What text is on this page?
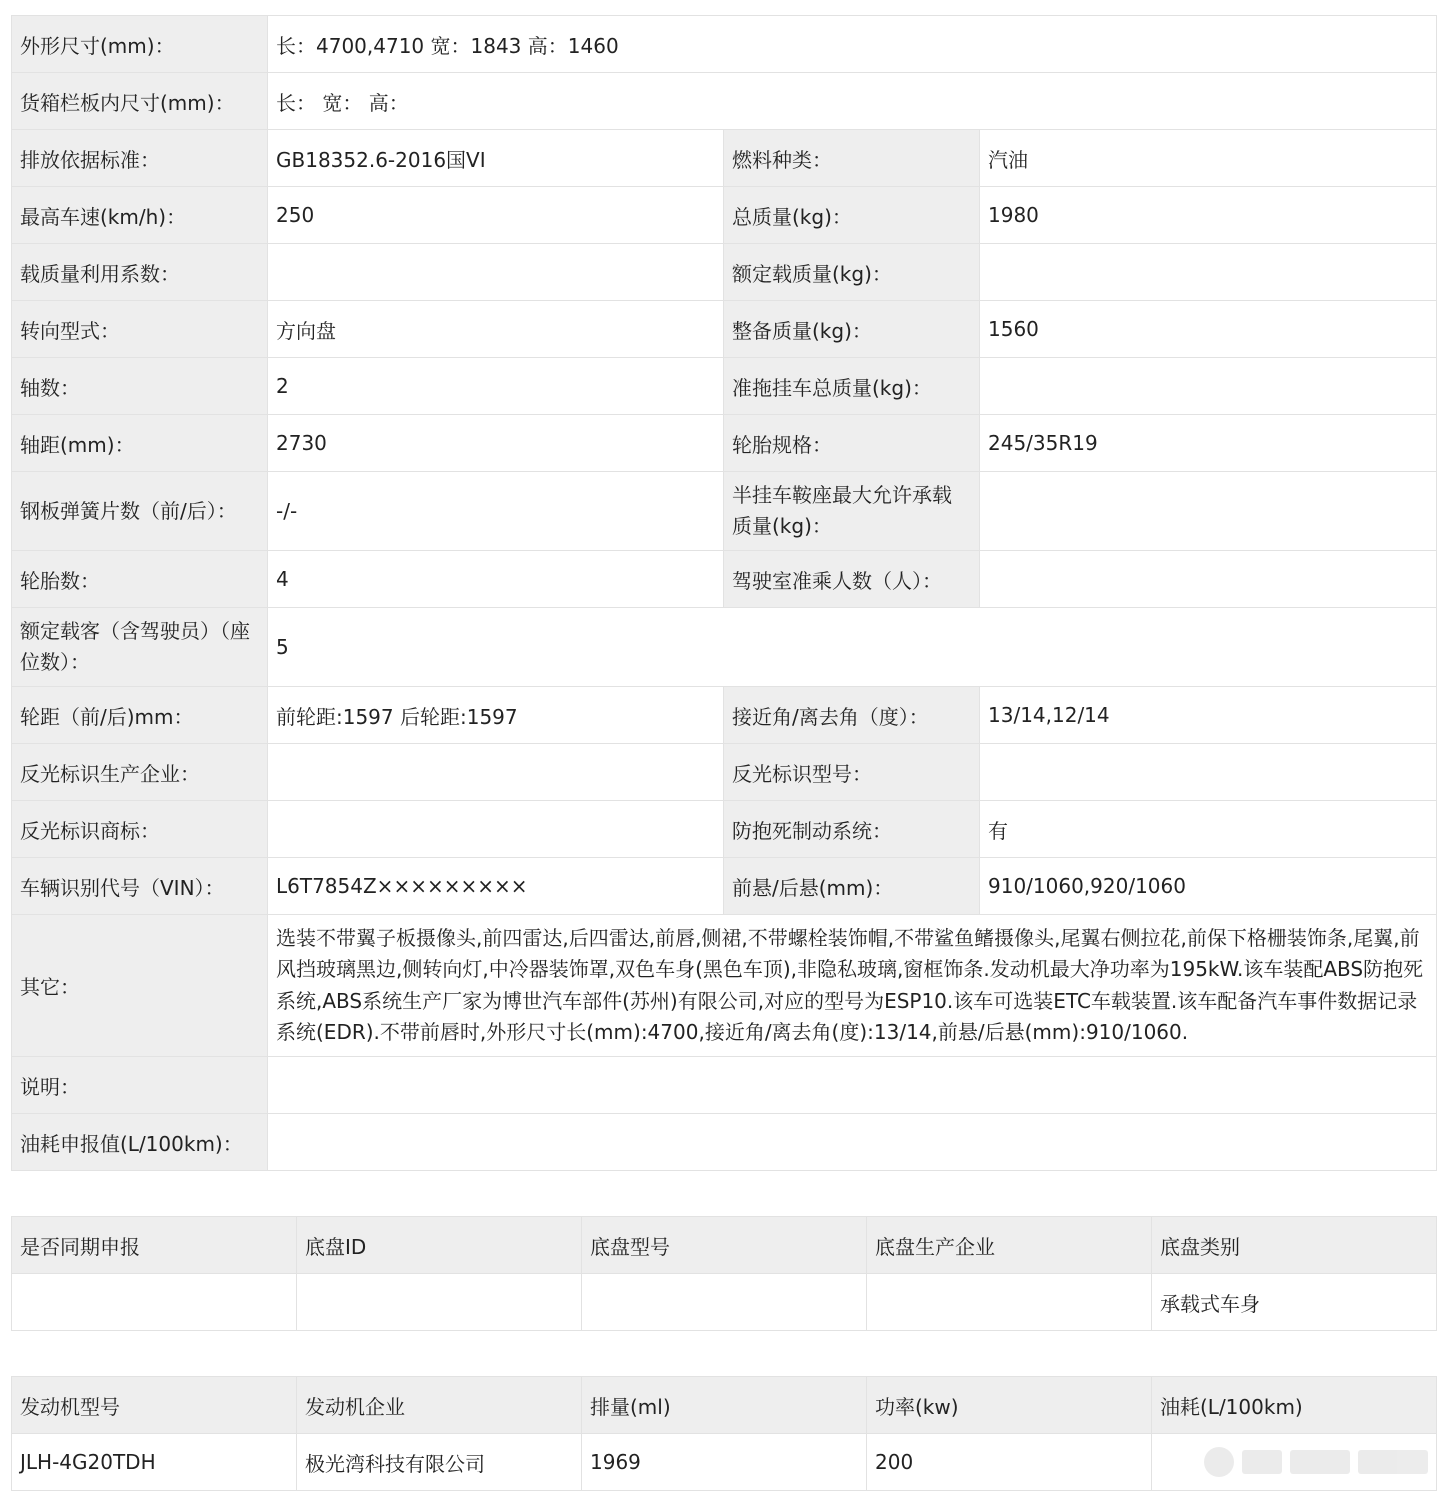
外形尺寸(mm)：	长：4700,4710 宽：1843 高：1460		
货箱栏板内尺寸(mm)：	长： 宽： 高：		
排放依据标准：	GB18352.6-2016国VI	燃料种类：	汽油
最高车速(km/h)：	250	总质量(kg)：	1980
载质量利用系数：		额定载质量(kg)：	
转向型式：	方向盘	整备质量(kg)：	1560
轴数：	2	准拖挂车总质量(kg)：	
轴距(mm)：	2730	轮胎规格：	245/35R19
钢板弹簧片数（前/后）：	-/-	半挂车鞍座最大允许承载质量(kg)：	
轮胎数：	4	驾驶室准乘人数（人）：	
额定载客（含驾驶员）（座位数）：	5		
轮距（前/后)mm：	前轮距:1597 后轮距:1597	接近角/离去角（度）：	13/14,12/14
反光标识生产企业：		反光标识型号：	
反光标识商标：		防抱死制动系统：	有
车辆识别代号（VIN）：	L6T7854Z×××××××××	前悬/后悬(mm)：	910/1060,920/1060
其它：	选装不带翼子板摄像头,前四雷达,后四雷达,前唇,侧裙,不带螺栓装饰帽,不带鲨鱼鳍摄像头,尾翼右侧拉花,前保下格栅装饰条,尾翼,前风挡玻璃黑边,侧转向灯,中冷器装饰罩,双色车身(黑色车顶),非隐私玻璃,窗框饰条.发动机最大净功率为195kW.该车装配ABS防抱死系统,ABS系统生产厂家为博世汽车部件(苏州)有限公司,对应的型号为ESP10.该车可选装ETC车载装置.该车配备汽车事件数据记录系统(EDR).不带前唇时,外形尺寸长(mm):4700,接近角/离去角(度):13/14,前悬/后悬(mm):910/1060.		
说明：			
油耗申报值(L/100km)：			
是否同期申报	底盘ID	底盘型号	底盘生产企业	底盘类别
				承载式车身
发动机型号	发动机企业	排量(ml)	功率(kw)	油耗(L/100km)
JLH-4G20TDH	极光湾科技有限公司	1969	200	
